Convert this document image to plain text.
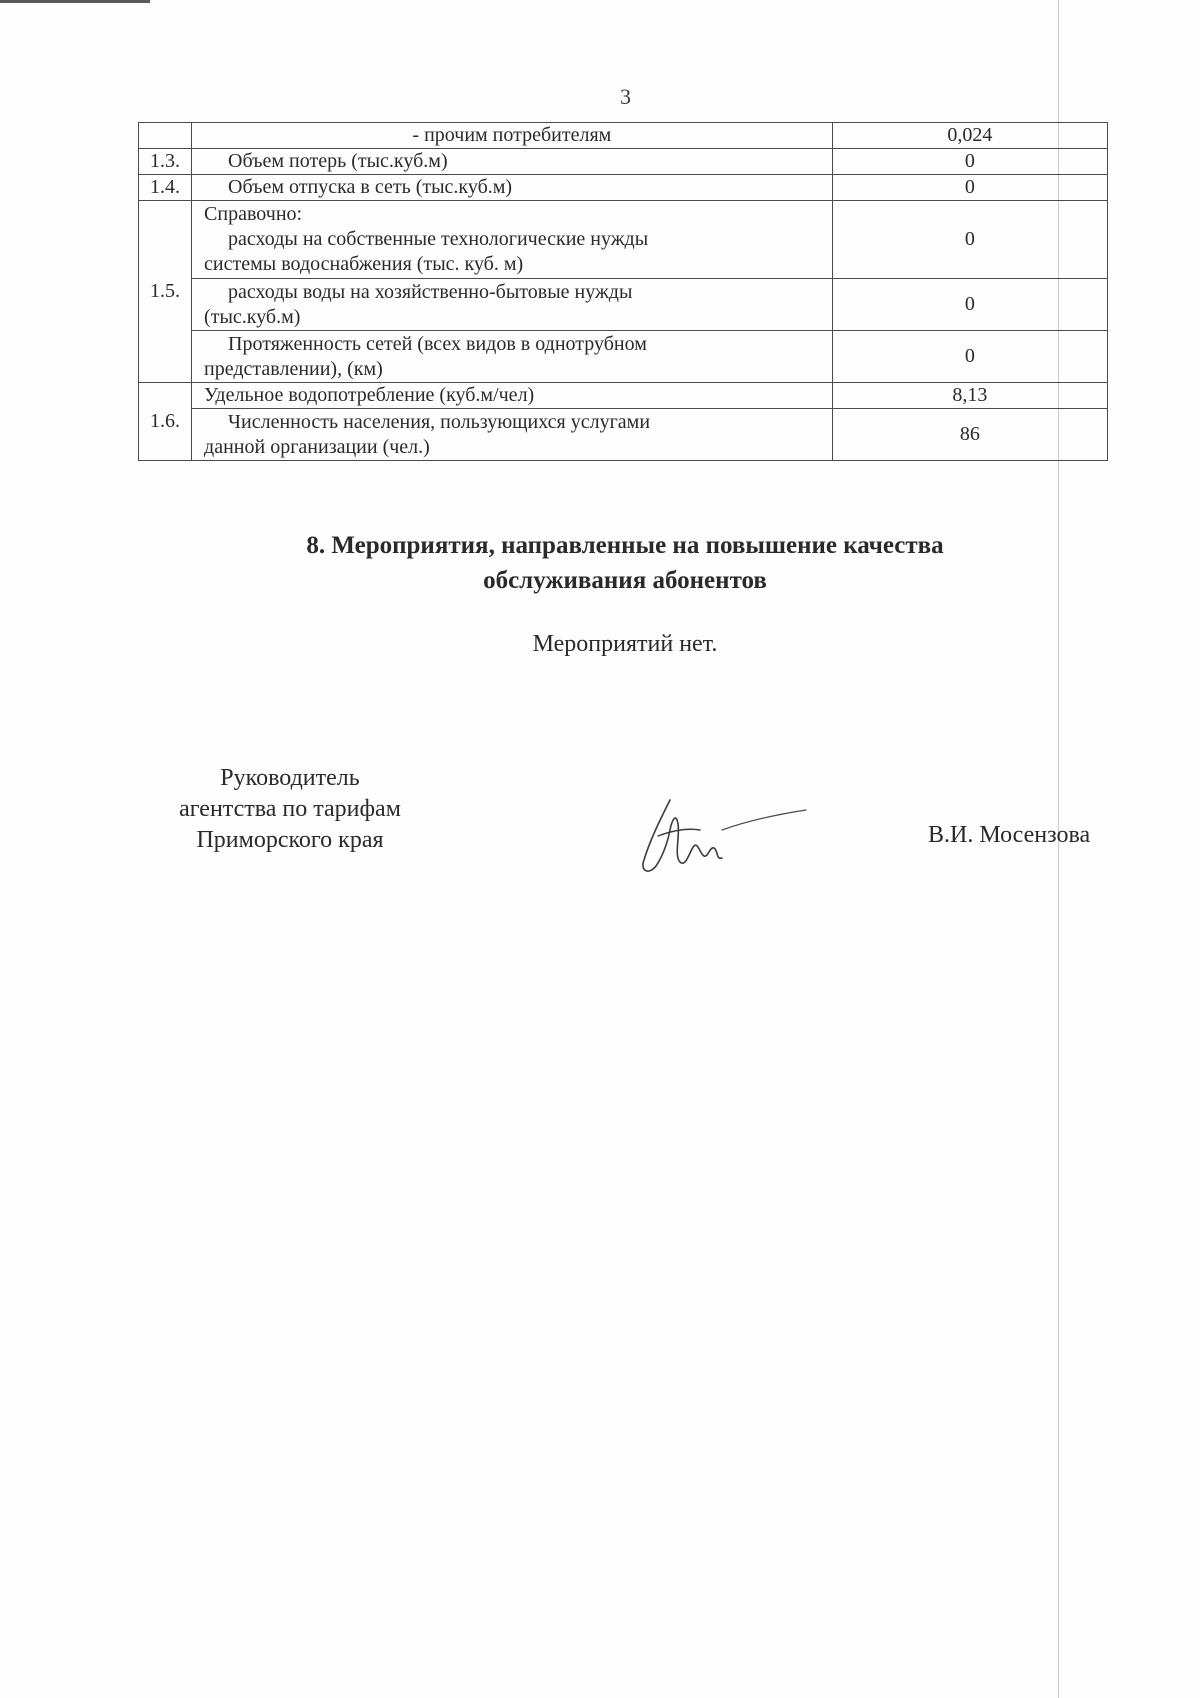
3

	- прочим потребителям	0,024
1.3.	Объем потерь (тыс.куб.м)	0
1.4.	Объем отпуска в сеть (тыс.куб.м)	0
1.5.	Справочно:
расходы на собственные технологические нужды
системы водоснабжения (тыс. куб. м)	0

	расходы воды на хозяйственно-бытовые нужды
(тыс.куб.м)	0

	Протяженность сетей (всех видов в однотрубном
представлении), (км)	0
1.6.	Удельное водопотребление (куб.м/чел)	8,13

	Численность населения, пользующихся услугами
данной организации (чел.)	86
8. Мероприятия, направленные на повышение качества
обслуживания абонентов
Мероприятий нет.
Руководитель
агентства по тарифам
Приморского края	В.И. Мосензова
